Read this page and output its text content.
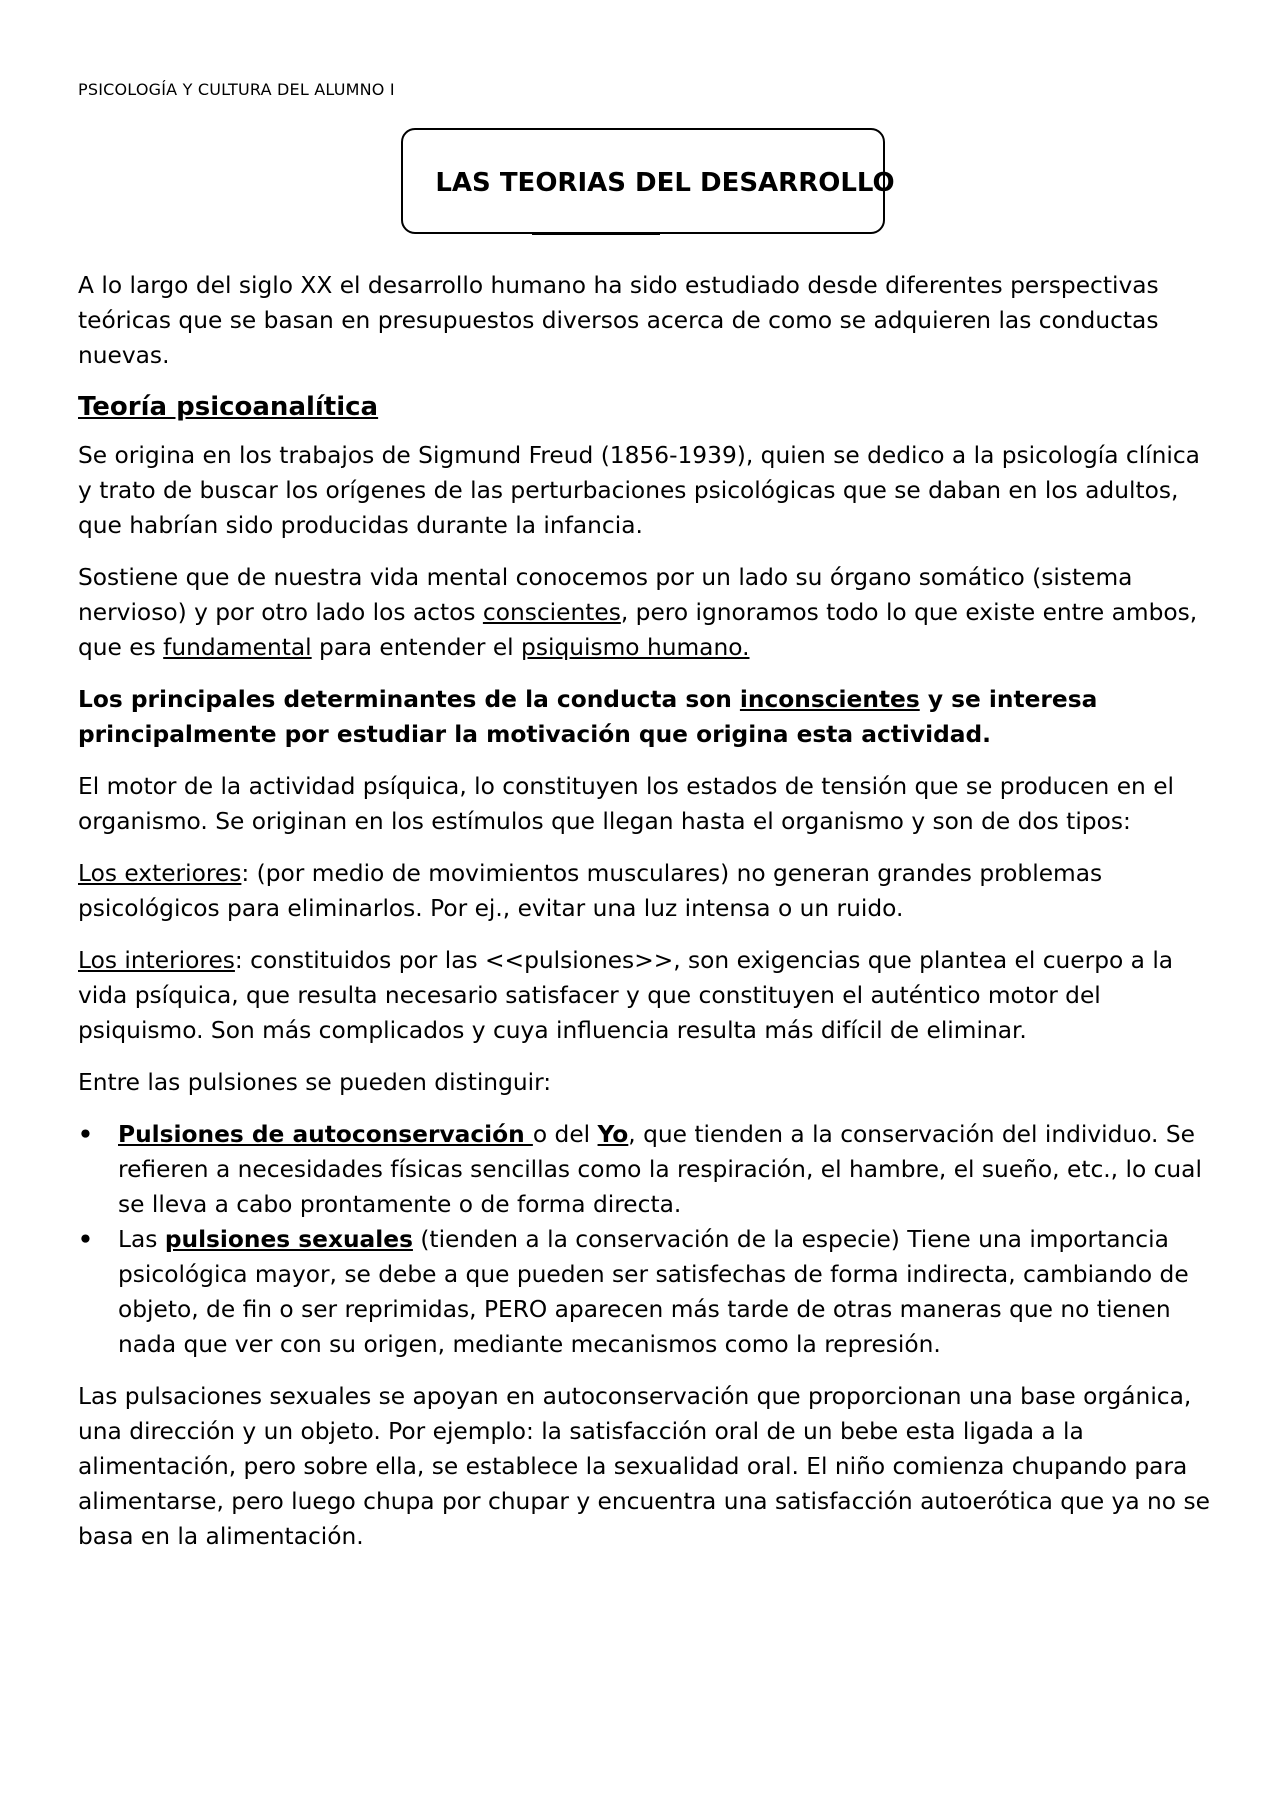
PSICOLOGÍA Y CULTURA DEL ALUMNO I
LAS TEORIAS DEL DESARROLLO

A lo largo del siglo XX el desarrollo humano ha sido estudiado desde diferentes perspectivas teóricas que se basan en presupuestos diversos acerca de como se adquieren las conductas nuevas.

Teoría psicoanalítica

Se origina en los trabajos de Sigmund Freud (1856-1939), quien se dedico a la psicología clínica y trato de buscar los orígenes de las perturbaciones psicológicas que se daban en los adultos, que habrían sido producidas durante la infancia.

Sostiene que de nuestra vida mental conocemos por un lado su órgano somático (sistema nervioso) y por otro lado los actos conscientes, pero ignoramos todo lo que existe entre ambos, que es fundamental para entender el psiquismo humano.

Los principales determinantes de la conducta son inconscientes y se interesa principalmente por estudiar la motivación que origina esta actividad.

El motor de la actividad psíquica, lo constituyen los estados de tensión que se producen en el organismo. Se originan en los estímulos que llegan hasta el organismo y son de dos tipos:

Los exteriores: (por medio de movimientos musculares) no generan grandes problemas psicológicos para eliminarlos. Por ej., evitar una luz intensa o un ruido.

Los interiores: constituidos por las <<pulsiones>>, son exigencias que plantea el cuerpo a la vida psíquica, que resulta necesario satisfacer y que constituyen el auténtico motor del psiquismo. Son más complicados y cuya influencia resulta más difícil de eliminar.

Entre las pulsiones se pueden distinguir:

• Pulsiones de autoconservación o del Yo, que tienden a la conservación del individuo. Se refieren a necesidades físicas sencillas como la respiración, el hambre, el sueño, etc., lo cual se lleva a cabo prontamente o de forma directa.
• Las pulsiones sexuales (tienden a la conservación de la especie) Tiene una importancia psicológica mayor, se debe a que pueden ser satisfechas de forma indirecta, cambiando de objeto, de fin o ser reprimidas, PERO aparecen más tarde de otras maneras que no tienen nada que ver con su origen, mediante mecanismos como la represión.

Las pulsaciones sexuales se apoyan en autoconservación que proporcionan una base orgánica, una dirección y un objeto. Por ejemplo: la satisfacción oral de un bebe esta ligada a la alimentación, pero sobre ella, se establece la sexualidad oral. El niño comienza chupando para alimentarse, pero luego chupa por chupar y encuentra una satisfacción autoerótica que ya no se basa en la alimentación.
